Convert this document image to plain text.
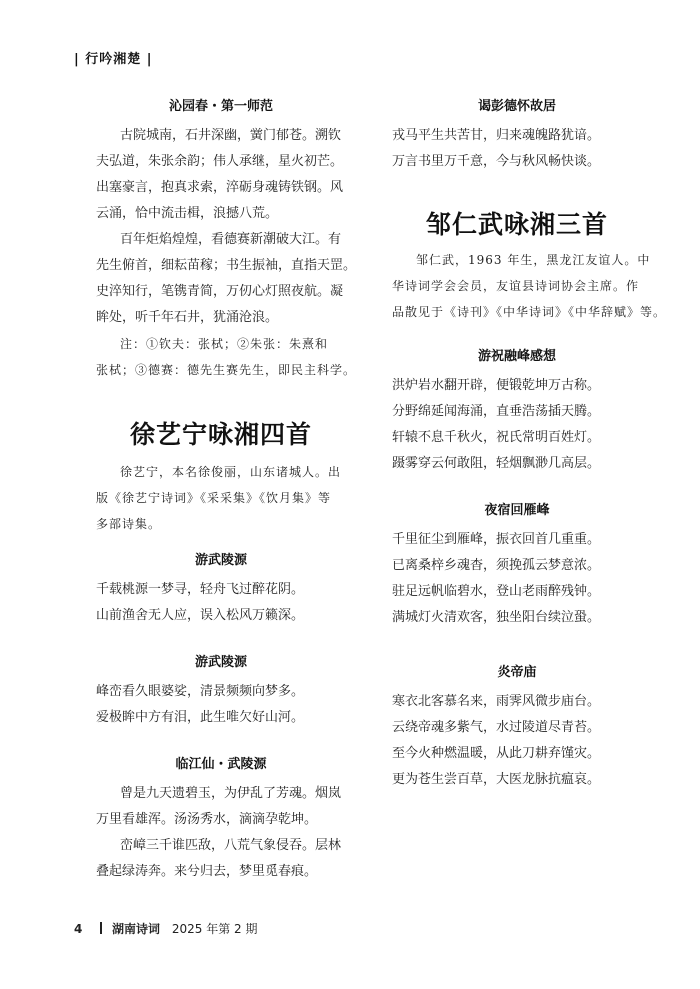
| 行吟湘楚 |
沁园春・第一师范
古院城南，石井深幽，黉门郁苍。溯钦
夫弘道，朱张余韵；伟人承继，星火初芒。
出塞豪言，抱真求索，淬砺身魂铸铁钢。风
云涌，恰中流击楫，浪撼八荒。
百年炬焰煌煌，看德赛新潮破大江。有
先生俯首，细耘苗稼；书生振袖，直指天罡。
史淬知行，笔镌青简，万仞心灯照夜航。凝
眸处，听千年石井，犹涌沧浪。
注：①钦夫：张栻；②朱张：朱熹和
张栻；③德赛：德先生赛先生，即民主科学。
徐艺宁咏湘四首
徐艺宁，本名徐俊丽，山东诸城人。出
版《徐艺宁诗词》《采采集》《饮月集》等
多部诗集。
游武陵源
千载桃源一梦寻，轻舟飞过醉花阴。
山前渔舍无人应，误入松风万籁深。
游武陵源
峰峦看久眼婆娑，清景频频向梦多。
爱极眸中方有泪，此生唯欠好山河。
临江仙・武陵源
曾是九天遗碧玉，为伊乱了芳魂。烟岚
万里看雄浑。汤汤秀水，滴滴孕乾坤。
峦嶂三千谁匹敌，八荒气象侵吞。层林
叠起绿涛奔。来兮归去，梦里觅春痕。
谒彭德怀故居
戎马平生共苦甘，归来魂魄路犹谙。
万言书里万千意，今与秋风畅快谈。
邹仁武咏湘三首
邹仁武，1963 年生，黑龙江友谊人。中
华诗词学会会员，友谊县诗词协会主席。作
品散见于《诗刊》《中华诗词》《中华辞赋》等。
游祝融峰感想
洪炉岩水翻开辟，便锻乾坤万古称。
分野绵延闻海涌，直垂浩荡插天腾。
轩辕不息千秋火，祝氏常明百姓灯。
蹑雾穿云何敢阻，轻烟飘渺几高层。
夜宿回雁峰
千里征尘到雁峰，振衣回首几重重。
已离桑梓乡魂杳，须挽孤云梦意浓。
驻足远帆临碧水，登山老雨醉残钟。
满城灯火清欢客，独坐阳台续泣蛩。
炎帝庙
寒衣北客慕名来，雨霁风微步庙台。
云绕帝魂多紫气，水过陵道尽青苔。
至今火种燃温暖，从此刀耕弃馑灾。
更为苍生尝百草，大医龙脉抗瘟哀。
4 湖南诗词 2025 年第 2 期
